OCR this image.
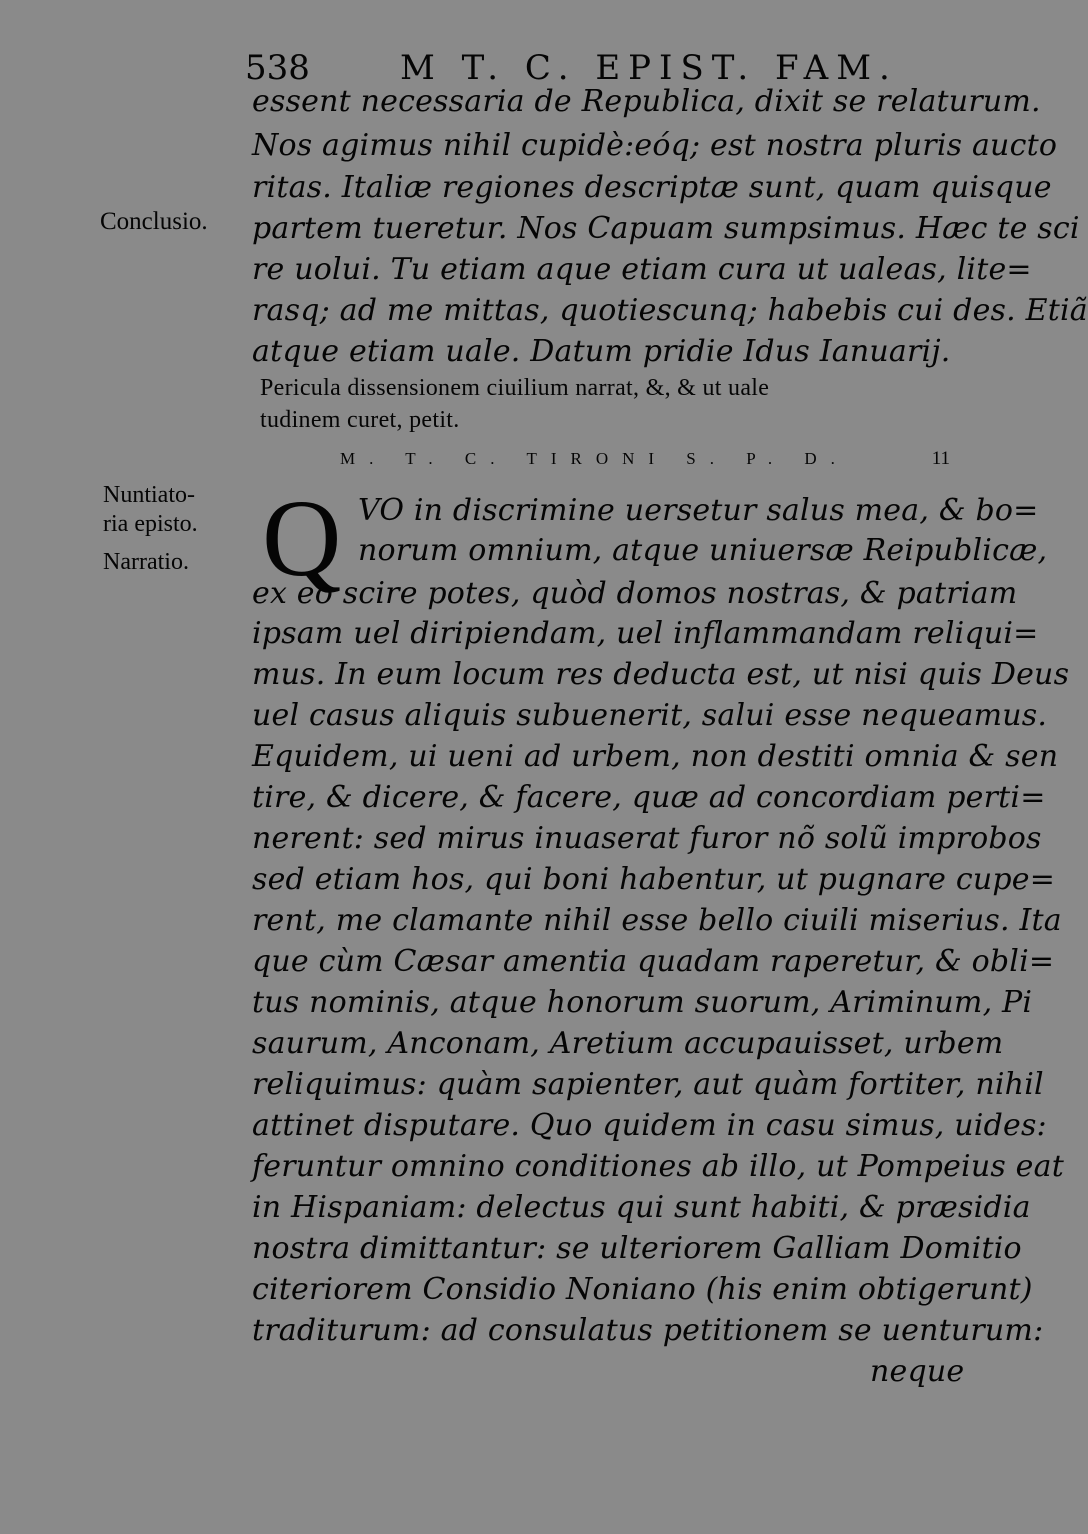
538	M T. C. EPIST. FAM.
essent necessaria de Republica, dixit se relaturum.
Nos agimus nihil cupidè:eóq; est nostra pluris aucto
ritas. Italiæ regiones descriptæ sunt, quam quisque
partem tueretur. Nos Capuam sumpsimus. Hæc te sci
re uolui. Tu etiam aque etiam cura ut ualeas, lite=
rasq; ad me mittas, quotiescunq; habebis cui des. Etiã
atque etiam uale. Datum pridie Idus Ianuarij.
Conclusio.
Pericula dissensionem ciuilium narrat, &, & ut uale
tudinem curet, petit.
M. T. C. TIRONI S. P. D.	11
Nuntiato-
ria episto.
Narratio. Q VO in discrimine uersetur salus mea, & bo=
norum omnium, atque uniuersæ Reipublicæ,
ex eo scire potes, quòd domos nostras, & patriam
ipsam uel diripiendam, uel inflammandam reliqui=
mus. In eum locum res deducta est, ut nisi quis Deus
uel casus aliquis subuenerit, salui esse nequeamus.
Equidem, ui ueni ad urbem, non destiti omnia & sen
tire, & dicere, & facere, quæ ad concordiam perti=
nerent: sed mirus inuaserat furor nõ solũ improbos
sed etiam hos, qui boni habentur, ut pugnare cupe=
rent, me clamante nihil esse bello ciuili miserius. Ita
que cùm Cæsar amentia quadam raperetur, & obli=
tus nominis, atque honorum suorum, Ariminum, Pi
saurum, Anconam, Aretium accupauisset, urbem
reliquimus: quàm sapienter, aut quàm fortiter, nihil
attinet disputare. Quo quidem in casu simus, uides:
feruntur omnino conditiones ab illo, ut Pompeius eat
in Hispaniam: delectus qui sunt habiti, & præsidia
nostra dimittantur: se ulteriorem Galliam Domitio
citeriorem Considio Noniano (his enim obtigerunt)
traditurum: ad consulatus petitionem se uenturum:
neque
